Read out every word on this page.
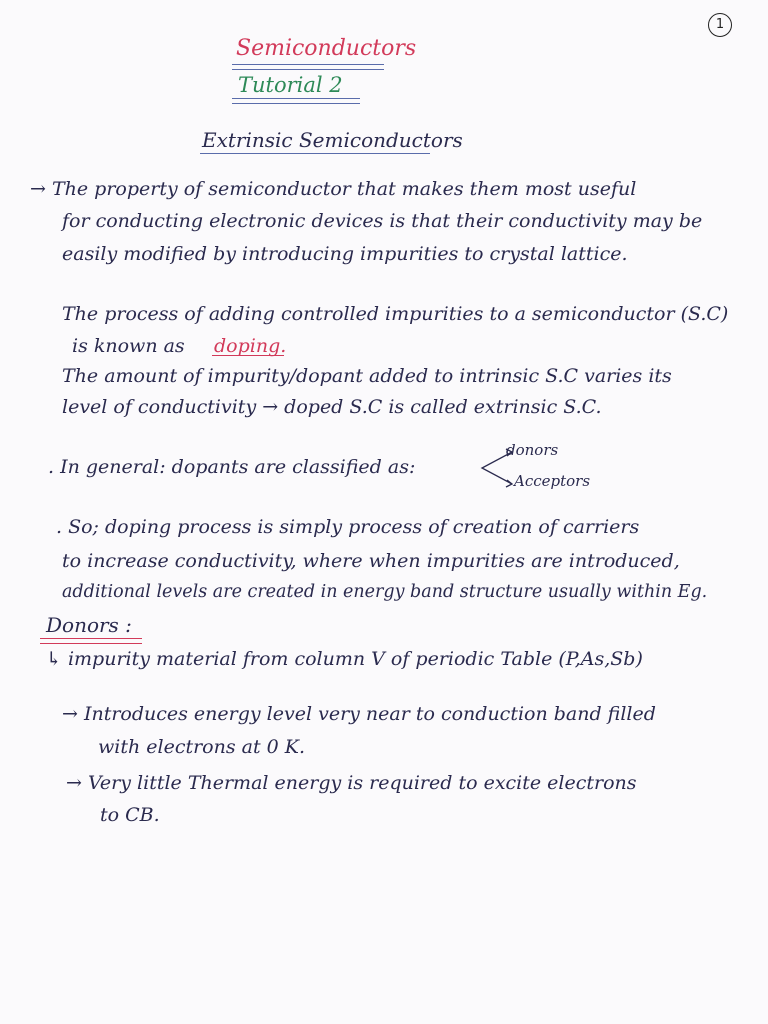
1
Semiconductors
Tutorial 2
Extrinsic Semiconductors
→ The property of semiconductor that makes them most useful
for conducting electronic devices is that their conductivity may be
easily modified by introducing impurities to crystal lattice.
The process of adding controlled impurities to a semiconductor (S.C)
is known as doping.
The amount of impurity/dopant added to intrinsic S.C varies its
level of conductivity → doped S.C is called extrinsic S.C.
. In general: dopants are classified as:
donors
Acceptors
. So; doping process is simply process of creation of carriers
to increase conductivity, where when impurities are introduced,
additional levels are created in energy band structure usually within Eg.
Donors :
↳ impurity material from column V of periodic Table (P,As,Sb)
→ Introduces energy level very near to conduction band filled
with electrons at 0 K.
→ Very little Thermal energy is required to excite electrons
to CB.
